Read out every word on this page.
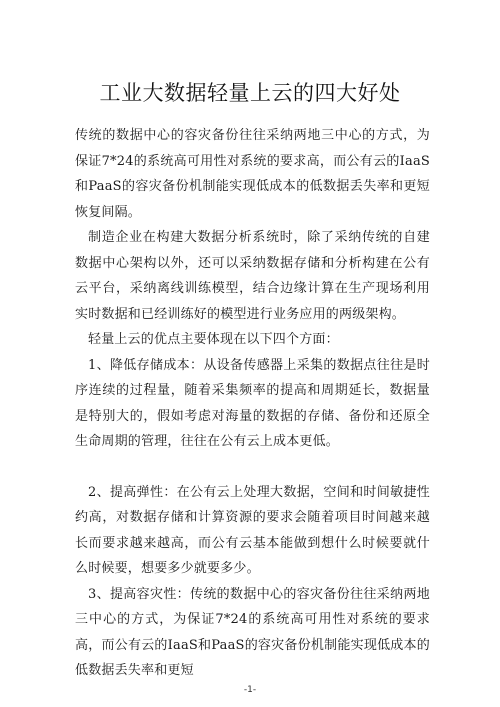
工业大数据轻量上云的四大好处

传统的数据中心的容灾备份往往采纳两地三中心的方式，为保证7*24的系统高可用性对系统的要求高，而公有云的IaaS和PaaS的容灾备份机制能实现低成本的低数据丢失率和更短恢复间隔。

制造企业在构建大数据分析系统时，除了采纳传统的自建数据中心架构以外，还可以采纳数据存储和分析构建在公有云平台，采纳离线训练模型，结合边缘计算在生产现场利用实时数据和已经训练好的模型进行业务应用的两级架构。

轻量上云的优点主要体现在以下四个方面：

1、降低存储成本：从设备传感器上采集的数据点往往是时序连续的过程量，随着采集频率的提高和周期延长，数据量是特别大的，假如考虑对海量的数据的存储、备份和还原全生命周期的管理，往往在公有云上成本更低。

2、提高弹性：在公有云上处理大数据，空间和时间敏捷性约高，对数据存储和计算资源的要求会随着项目时间越来越长而要求越来越高，而公有云基本能做到想什么时候要就什么时候要，想要多少就要多少。

3、提高容灾性：传统的数据中心的容灾备份往往采纳两地三中心的方式，为保证7*24的系统高可用性对系统的要求高，而公有云的IaaS和PaaS的容灾备份机制能实现低成本的低数据丢失率和更短

-1-
